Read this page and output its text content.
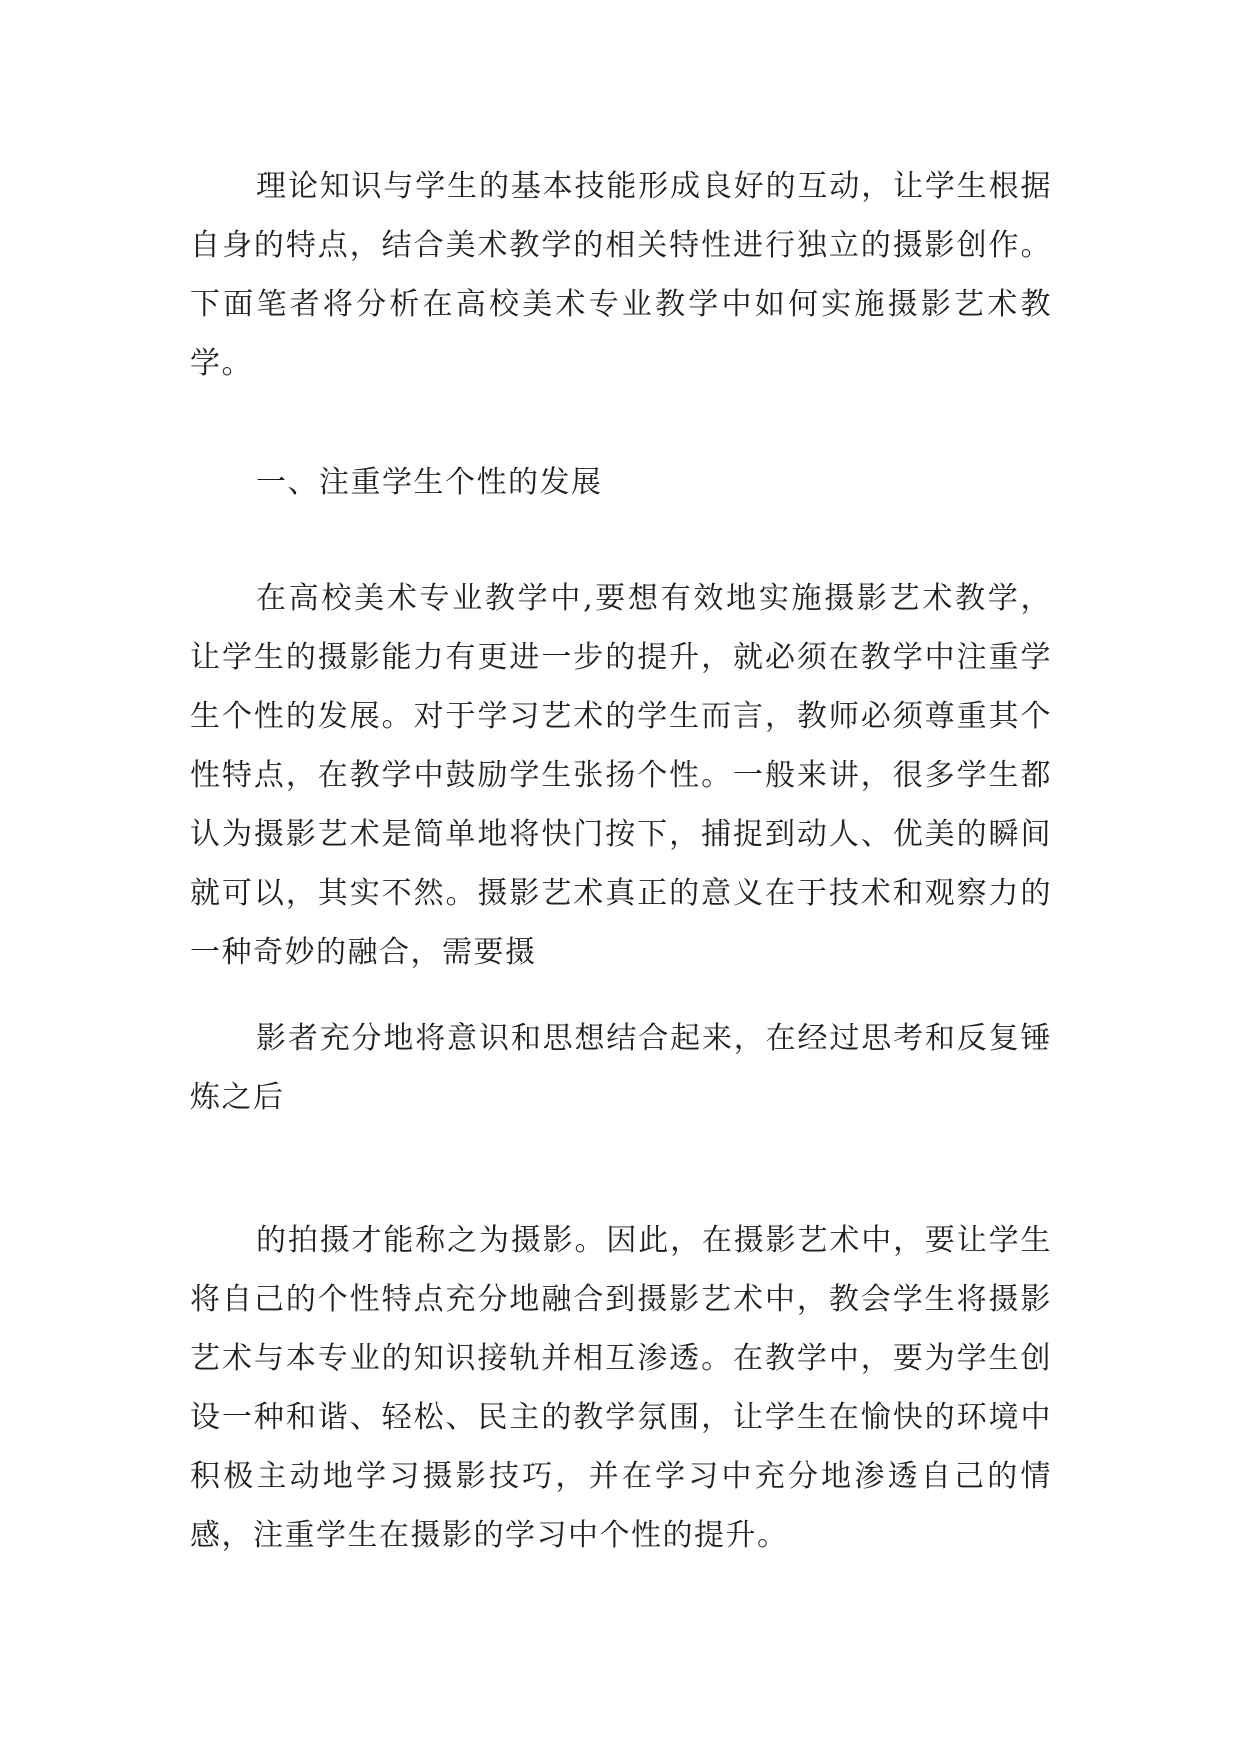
理论知识与学生的基本技能形成良好的互动，让学生根据自身的特点，结合美术教学的相关特性进行独立的摄影创作。下面笔者将分析在高校美术专业教学中如何实施摄影艺术教学。

一、注重学生个性的发展

在高校美术专业教学中,要想有效地实施摄影艺术教学，让学生的摄影能力有更进一步的提升，就必须在教学中注重学生个性的发展。对于学习艺术的学生而言，教师必须尊重其个性特点，在教学中鼓励学生张扬个性。一般来讲，很多学生都认为摄影艺术是简单地将快门按下，捕捉到动人、优美的瞬间就可以，其实不然。摄影艺术真正的意义在于技术和观察力的一种奇妙的融合，需要摄

影者充分地将意识和思想结合起来，在经过思考和反复锤炼之后

的拍摄才能称之为摄影。因此，在摄影艺术中，要让学生将自己的个性特点充分地融合到摄影艺术中，教会学生将摄影艺术与本专业的知识接轨并相互渗透。在教学中，要为学生创设一种和谐、轻松、民主的教学氛围，让学生在愉快的环境中积极主动地学习摄影技巧，并在学习中充分地渗透自己的情感，注重学生在摄影的学习中个性的提升。
